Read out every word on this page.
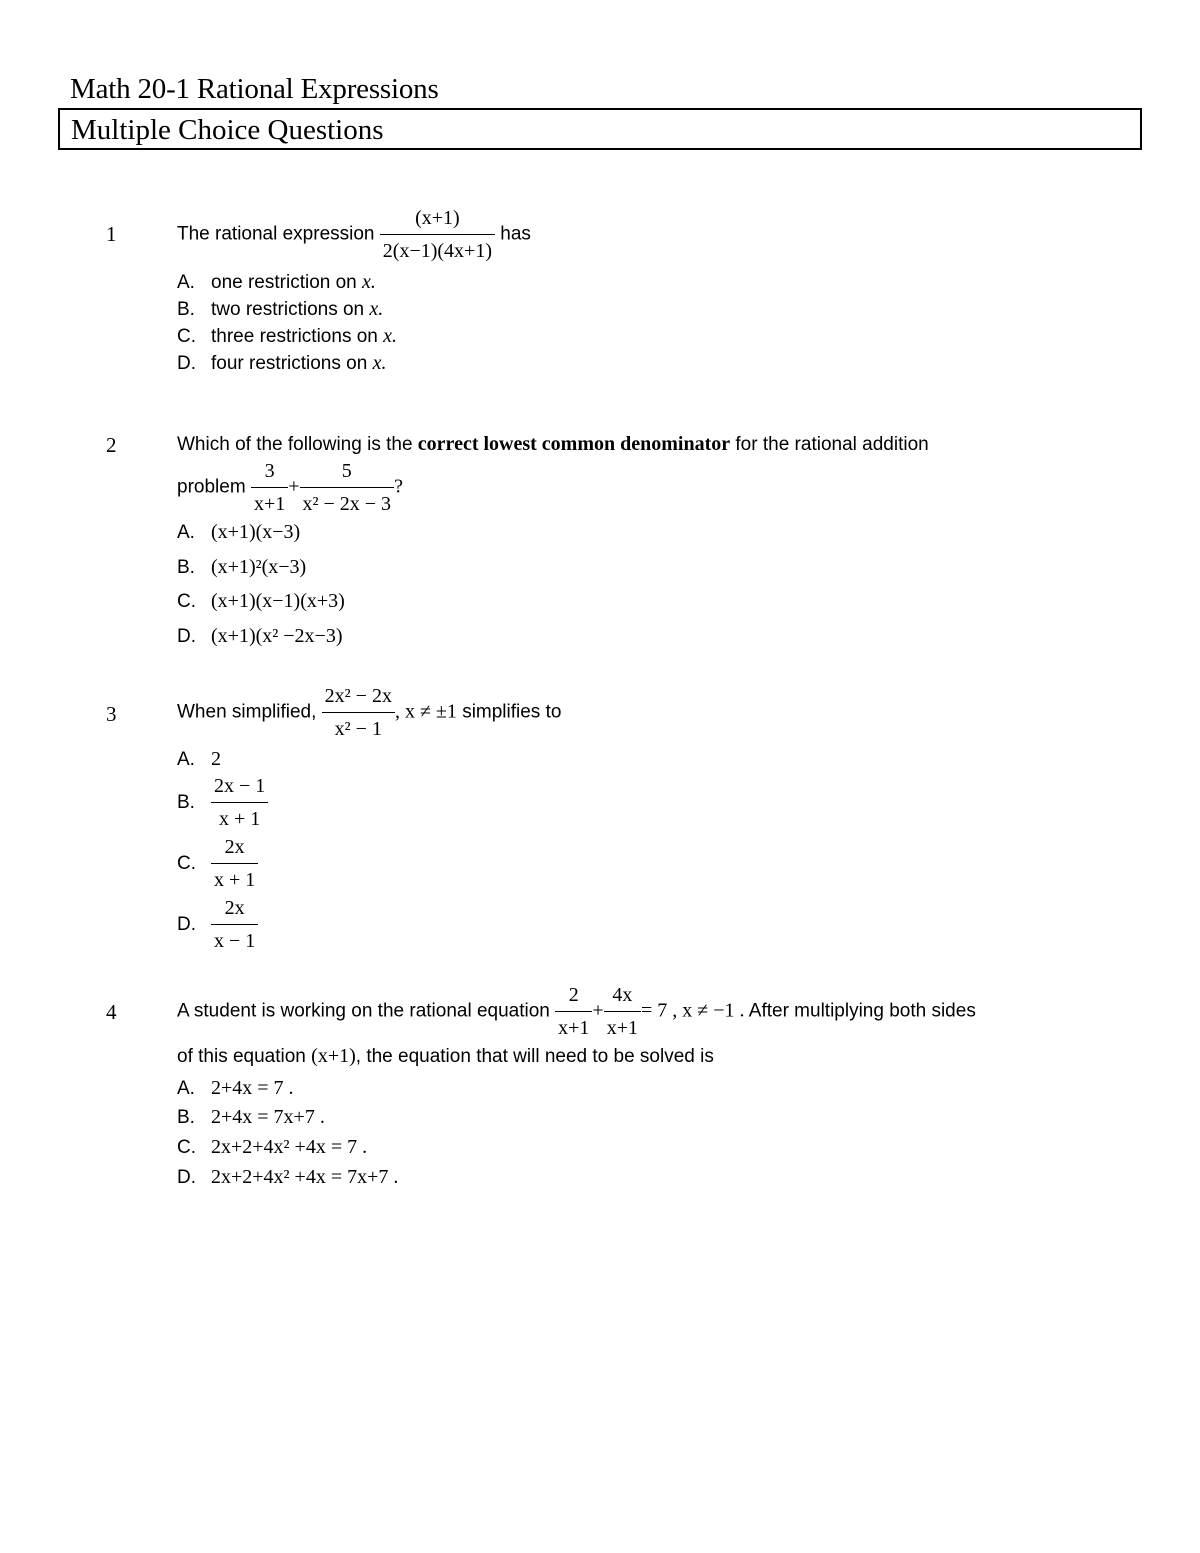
Math 20-1 Rational Expressions
Multiple Choice Questions
1	The rational expression $\frac{(x+1)}{2(x-1)(4x+1)}$ has
A. one restriction on x.
B. two restrictions on x.
C. three restrictions on x.
D. four restrictions on x.
2	Which of the following is the correct lowest common denominator for the rational addition
problem $\frac{3}{x+1} + \frac{5}{\text{x² − 2x − 3}}$ ?
A. (x+1)(x−3)
B. (x+1)²(x−3)
C. (x+1)(x−1)(x+3)
D. (x+1)(x² −2x−3)
3	When simplified, $\frac{\text{2x² − 2x}}{\text{x² − 1}}$ , x ≠ ±1 simplifies to
A. 2
B. $\frac{2x - 1}{x + 1}$
C. $\frac{2x}{x + 1}$
D. $\frac{2x}{x - 1}$
4	A student is working on the rational equation $\frac{2}{x+1} + \frac{4x}{x+1} = 7$ , x ≠ −1 . After multiplying both sides
of this equation (x+1), the equation that will need to be solved is
A. 2+4x = 7 .
B. 2+4x = 7x+7 .
C. 2x+2+4x² +4x = 7 .
D. 2x+2+4x² +4x = 7x+7 .
